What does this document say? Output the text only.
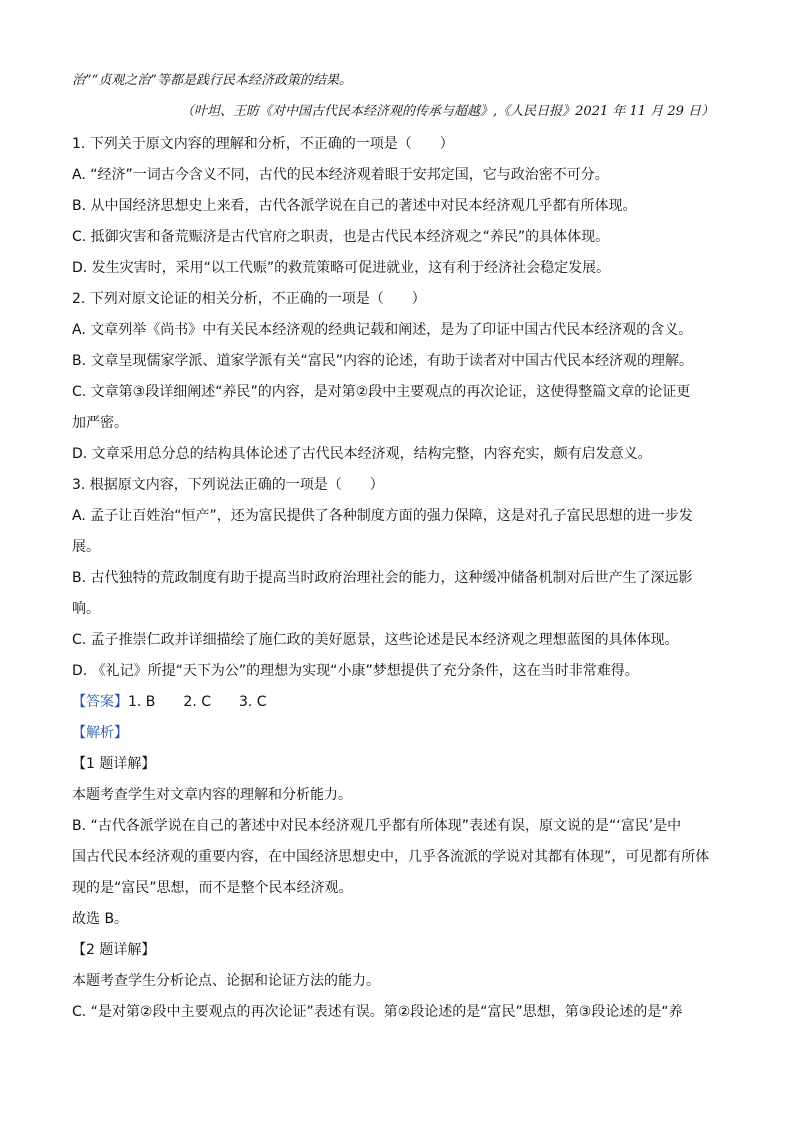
治”“贞观之治”等都是践行民本经济政策的结果。
（叶坦、王昉《对中国古代民本经济观的传承与超越》,《人民日报》2021 年 11 月 29 日）
1. 下列关于原文内容的理解和分析，不正确的一项是（　　）
A. “经济”一词古今含义不同，古代的民本经济观着眼于安邦定国，它与政治密不可分。
B. 从中国经济思想史上来看，古代各派学说在自己的著述中对民本经济观几乎都有所体现。
C. 抵御灾害和备荒赈济是古代官府之职责，也是古代民本经济观之“养民”的具体体现。
D. 发生灾害时，采用“以工代赈”的救荒策略可促进就业，这有利于经济社会稳定发展。
2. 下列对原文论证的相关分析，不正确的一项是（　　）
A. 文章列举《尚书》中有关民本经济观的经典记载和阐述，是为了印证中国古代民本经济观的含义。
B. 文章呈现儒家学派、道家学派有关“富民”内容的论述，有助于读者对中国古代民本经济观的理解。
C. 文章第③段详细阐述“养民”的内容，是对第②段中主要观点的再次论证，这使得整篇文章的论证更
加严密。
D. 文章采用总分总的结构具体论述了古代民本经济观，结构完整，内容充实，颇有启发意义。
3. 根据原文内容，下列说法正确的一项是（　　）
A. 孟子让百姓治“恒产”，还为富民提供了各种制度方面的强力保障，这是对孔子富民思想的进一步发
展。
B. 古代独特的荒政制度有助于提高当时政府治理社会的能力，这种缓冲储备机制对后世产生了深远影
响。
C. 孟子推崇仁政并详细描绘了施仁政的美好愿景，这些论述是民本经济观之理想蓝图的具体体现。
D. 《礼记》所提“天下为公”的理想为实现“小康”梦想提供了充分条件，这在当时非常难得。
【答案】1. B　　2. C　　3. C
【解析】
【1 题详解】
本题考查学生对文章内容的理解和分析能力。
B. “古代各派学说在自己的著述中对民本经济观几乎都有所体现”表述有误，原文说的是“‘富民’是中
国古代民本经济观的重要内容，在中国经济思想史中，几乎各流派的学说对其都有体现”，可见都有所体
现的是“富民”思想，而不是整个民本经济观。
故选 B。
【2 题详解】
本题考查学生分析论点、论据和论证方法的能力。
C. “是对第②段中主要观点的再次论证”表述有误。第②段论述的是“富民”思想，第③段论述的是“养
